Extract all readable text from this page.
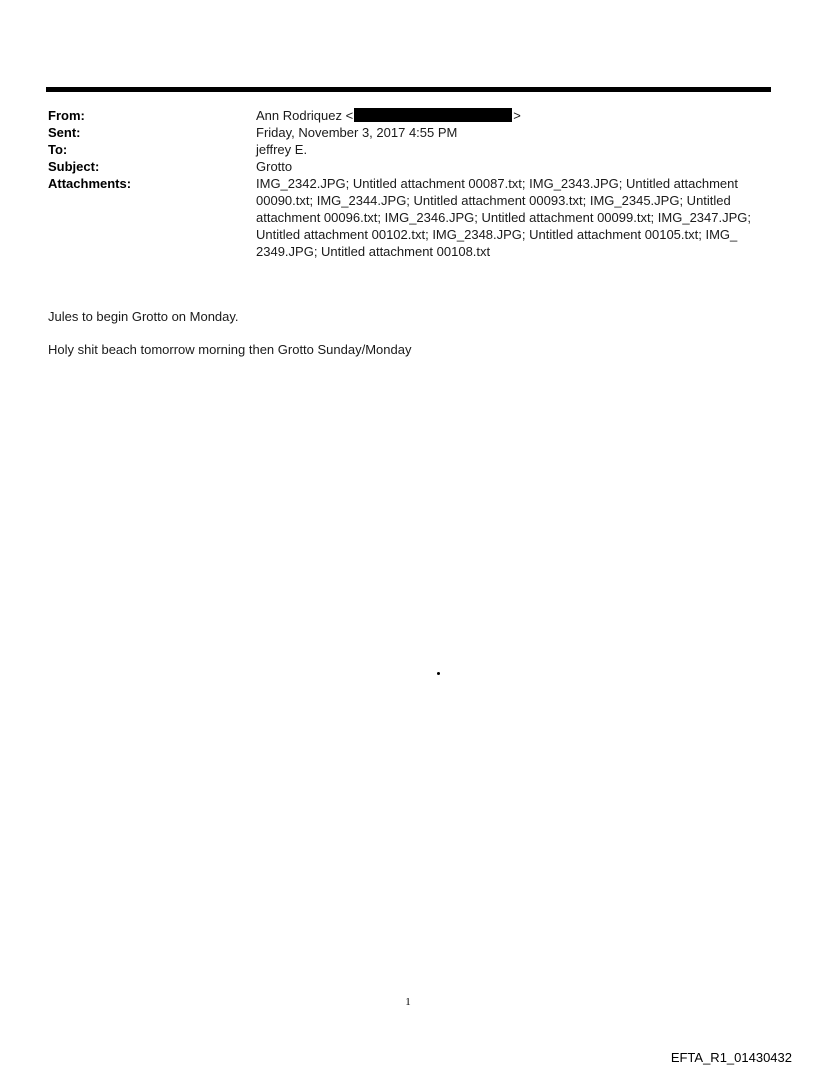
From:	Ann Rodriquez <	>
Sent:	Friday, November 3, 2017 4:55 PM
To:	jeffrey E.
Subject:	Grotto
Attachments:	IMG_2342.JPG; Untitled attachment 00087.txt; IMG_2343.JPG; Untitled attachment 00090.txt; IMG_2344.JPG; Untitled attachment 00093.txt; IMG_2345.JPG; Untitled attachment 00096.txt; IMG_2346.JPG; Untitled attachment 00099.txt; IMG_2347.JPG; Untitled attachment 00102.txt; IMG_2348.JPG; Untitled attachment 00105.txt; IMG_ 2349.JPG; Untitled attachment 00108.txt

Jules to begin Grotto on Monday.

Holy shit beach tomorrow morning then Grotto Sunday/Monday

1
EFTA_R1_01430432
